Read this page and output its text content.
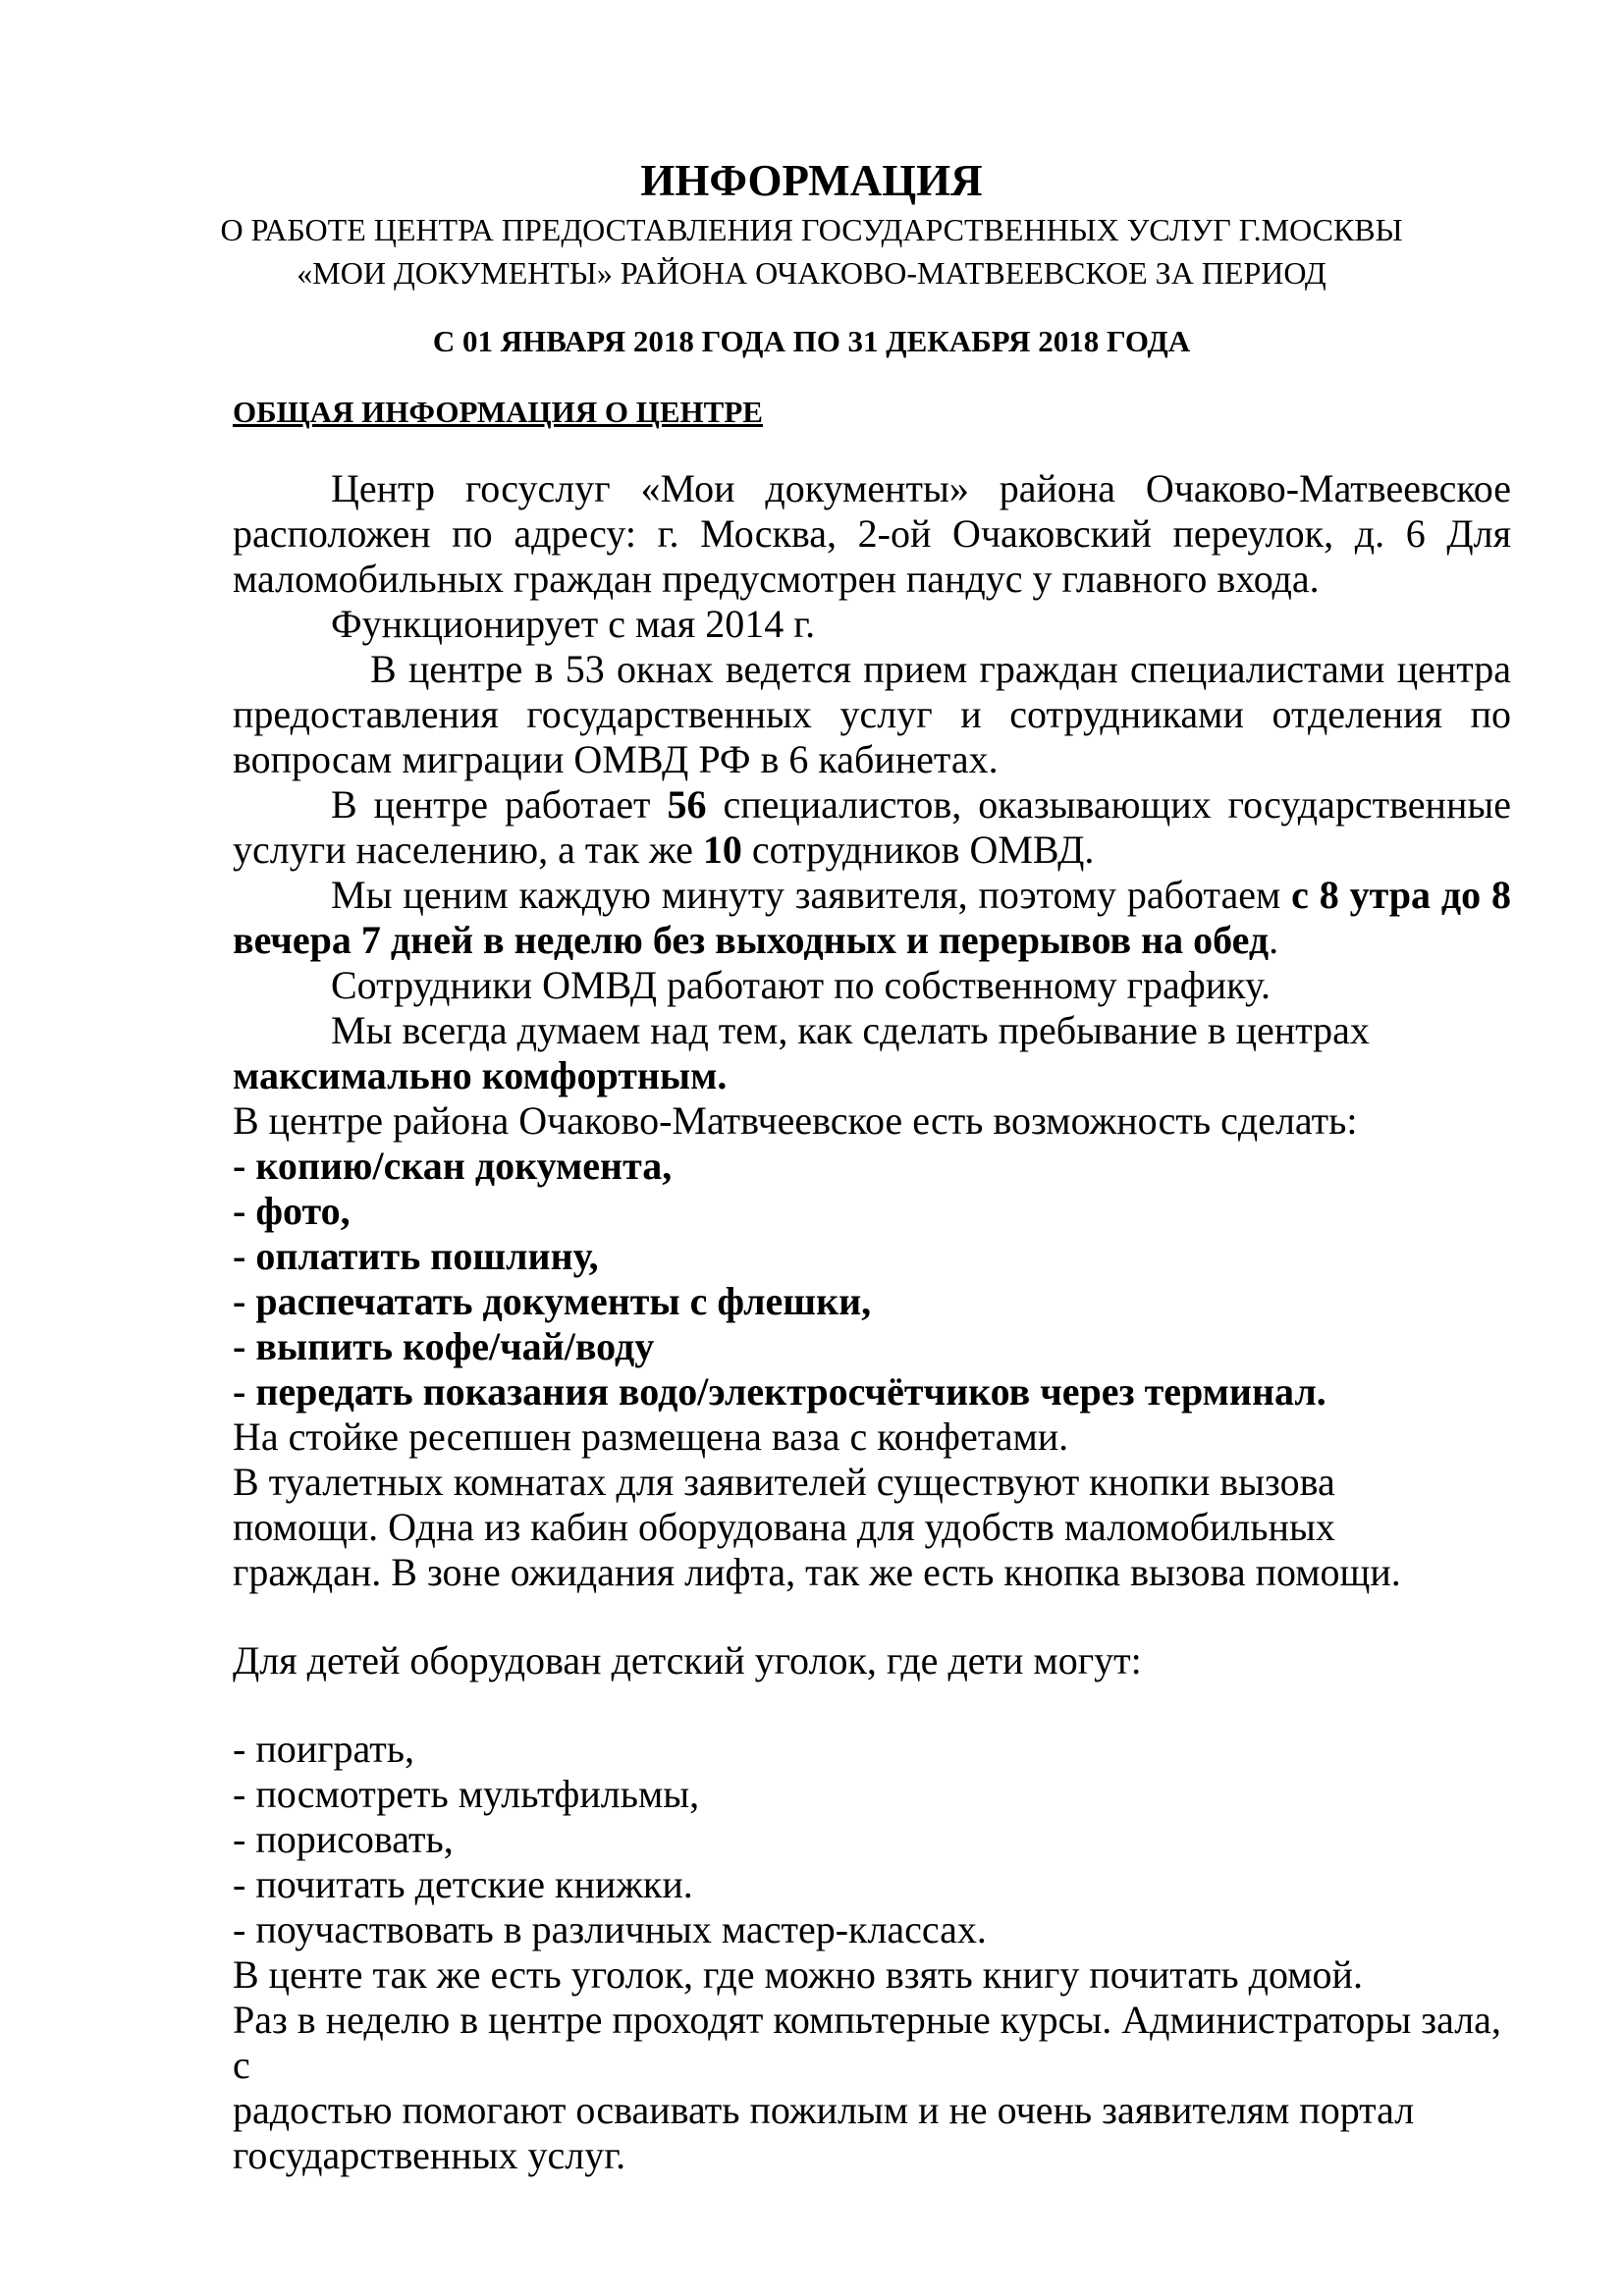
ИНФОРМАЦИЯ
О РАБОТЕ ЦЕНТРА ПРЕДОСТАВЛЕНИЯ ГОСУДАРСТВЕННЫХ УСЛУГ Г.МОСКВЫ
«МОИ ДОКУМЕНТЫ» РАЙОНА ОЧАКОВО-МАТВЕЕВСКОЕ ЗА ПЕРИОД
С 01 ЯНВАРЯ 2018 ГОДА ПО 31 ДЕКАБРЯ 2018 ГОДА
ОБЩАЯ ИНФОРМАЦИЯ О ЦЕНТРЕ

Центр госуслуг «Мои документы» района Очаково-Матвеевское расположен по адресу: г. Москва, 2-ой Очаковский переулок, д. 6 Для маломобильных граждан предусмотрен пандус у главного входа.

Функционирует с мая 2014 г.

В центре в 53 окнах ведется прием граждан специалистами центра предоставления государственных услуг и сотрудниками отделения по вопросам миграции ОМВД РФ в 6 кабинетах.

В центре работает 56 специалистов, оказывающих государственные услуги населению, а так же 10 сотрудников ОМВД.

Мы ценим каждую минуту заявителя, поэтому работаем с 8 утра до 8 вечера 7 дней в неделю без выходных и перерывов на обед.

Сотрудники ОМВД работают по собственному графику.

Мы всегда думаем над тем, как сделать пребывание в центрах

максимально комфортным.

В центре района Очаково-Матвчеевское есть возможность сделать:

- копию/скан документа,

- фото,

- оплатить пошлину,

- распечатать документы с флешки,

- выпить кофе/чай/воду

- передать показания водо/электросчётчиков через терминал.

На стойке ресепшен размещена ваза с конфетами.

В туалетных комнатах для заявителей существуют кнопки вызова

помощи. Одна из кабин оборудована для удобств маломобильных

граждан. В зоне ожидания лифта, так же есть кнопка вызова помощи.

Для детей оборудован детский уголок, где дети могут:

- поиграть,

- посмотреть мультфильмы,

- порисовать,

- почитать детские книжки.

- поучаствовать в различных мастер-классах.

В центе так же есть уголок, где можно взять книгу почитать домой.

Раз в неделю в центре проходят компьтерные курсы. Администраторы зала, с

радостью помогают осваивать пожилым и не очень заявителям портал

государственных услуг.
